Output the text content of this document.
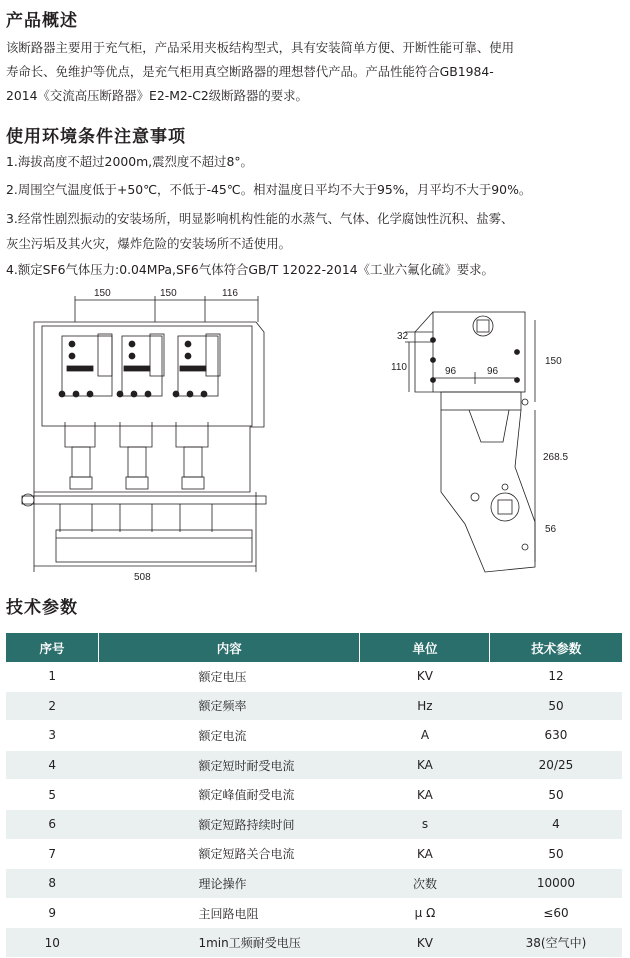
产品概述
该断路器主要用于充气柜，产品采用夹板结构型式，具有安装简单方便、开断性能可靠、使用
寿命长、免维护等优点，是充气柜用真空断路器的理想替代产品。产品性能符合GB1984-
2014《交流高压断路器》E2-M2-C2级断路器的要求。
使用环境条件注意事项
1.海拔高度不超过2000m,震烈度不超过8°。
2.周围空气温度低于+50℃，不低于-45℃。相对温度日平均不大于95%，月平均不大于90%。
3.经常性剧烈振动的安装场所，明显影响机构性能的水蒸气、气体、化学腐蚀性沉积、盐雾、
灰尘污垢及其火灾，爆炸危险的安装场所不适使用。
4.额定SF6气体压力:0.04MPa,SF6气体符合GB/T 12022-2014《工业六氟化硫》要求。
150	150	116
508
32
110	96	96
150
268.5
56
技术参数
序号	内容	单位	技术参数
1	额定电压	KV	12
2	额定频率	Hz	50
3	额定电流	A	630
4	额定短时耐受电流	KA	20/25
5	额定峰值耐受电流	KA	50
6	额定短路持续时间	s	4
7	额定短路关合电流	KA	50
8	理论操作	次数	10000
9	主回路电阻	μ Ω	≤60
10	1min工频耐受电压	KV	38(空气中)
